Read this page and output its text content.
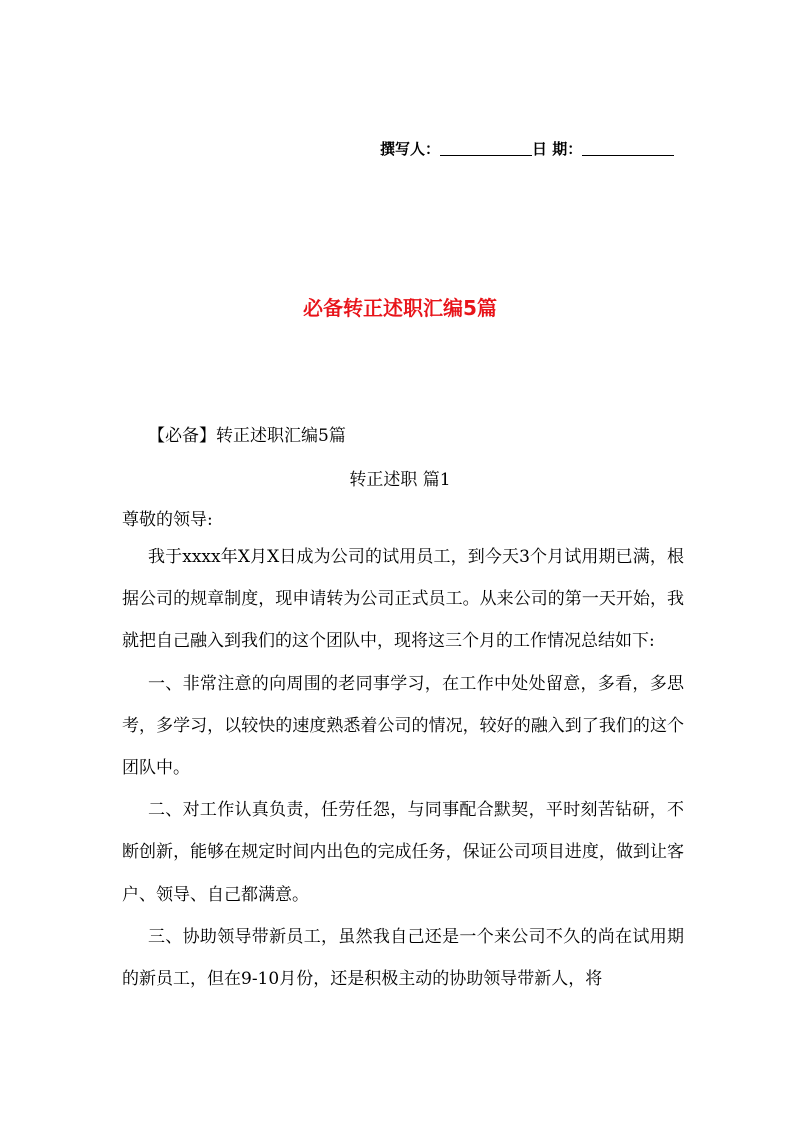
撰写人：	日 期：
必备转正述职汇编5篇
【必备】转正述职汇编5篇
转正述职 篇1
尊敬的领导:

我于xxxx年X月X日成为公司的试用员工，到今天3个月试用期已满，根据公司的规章制度，现申请转为公司正式员工。从来公司的第一天开始，我就把自己融入到我们的这个团队中，现将这三个月的工作情况总结如下:

一、非常注意的向周围的老同事学习，在工作中处处留意，多看，多思考，多学习，以较快的速度熟悉着公司的情况，较好的融入到了我们的这个团队中。

二、对工作认真负责，任劳任怨，与同事配合默契，平时刻苦钻研，不断创新，能够在规定时间内出色的完成任务，保证公司项目进度，做到让客户、领导、自己都满意。

三、协助领导带新员工，虽然我自己还是一个来公司不久的尚在试用期的新员工，但在9-10月份，还是积极主动的协助领导带新人，将
